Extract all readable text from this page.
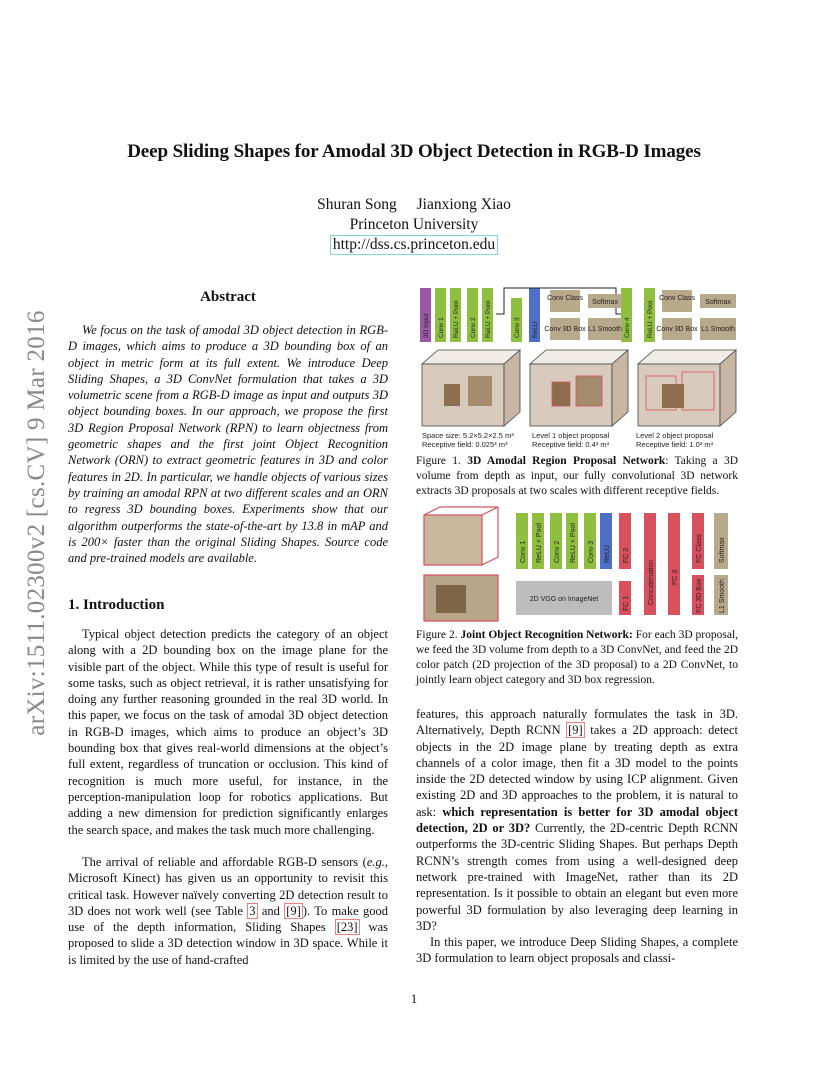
Deep Sliding Shapes for Amodal 3D Object Detection in RGB-D Images
Shuran Song Jianxiong Xiao
Princeton University
http://dss.cs.princeton.edu
arXiv:1511.02300v2 [cs.CV] 9 Mar 2016
Abstract

We focus on the task of amodal 3D object detection in RGB-D images, which aims to produce a 3D bounding box of an object in metric form at its full extent. We introduce Deep Sliding Shapes, a 3D ConvNet formulation that takes a 3D volumetric scene from a RGB-D image as input and outputs 3D object bounding boxes. In our approach, we propose the first 3D Region Proposal Network (RPN) to learn objectness from geometric shapes and the first joint Object Recognition Network (ORN) to extract geometric features in 3D and color features in 2D. In particular, we handle objects of various sizes by training an amodal RPN at two different scales and an ORN to regress 3D bounding boxes. Experiments show that our algorithm outperforms the state-of-the-art by 13.8 in mAP and is 200× faster than the original Sliding Shapes. Source code and pre-trained models are available.

1. Introduction

Typical object detection predicts the category of an object along with a 2D bounding box on the image plane for the visible part of the object. While this type of result is useful for some tasks, such as object retrieval, it is rather unsatisfying for doing any further reasoning grounded in the real 3D world. In this paper, we focus on the task of amodal 3D object detection in RGB-D images, which aims to produce an object’s 3D bounding box that gives real-world dimensions at the object’s full extent, regardless of truncation or occlusion. This kind of recognition is much more useful, for instance, in the perception-manipulation loop for robotics applications. But adding a new dimension for prediction significantly enlarges the search space, and makes the task much more challenging.

The arrival of reliable and affordable RGB-D sensors (e.g., Microsoft Kinect) has given us an opportunity to revisit this critical task. However naïvely converting 2D detection result to 3D does not work well (see Table 3 and [9] ). To make good use of the depth information, Sliding Shapes [23] was proposed to slide a 3D detection window in 3D space. While it is limited by the use of hand-crafted

features, this approach naturally formulates the task in 3D. Alternatively, Depth RCNN [9] takes a 2D approach: detect objects in the 2D image plane by treating depth as extra channels of a color image, then fit a 3D model to the points inside the 2D detected window by using ICP alignment. Given existing 2D and 3D approaches to the problem, it is natural to ask: which representation is better for 3D amodal object detection, 2D or 3D? Currently, the 2D-centric Depth RCNN outperforms the 3D-centric Sliding Shapes. But perhaps Depth RCNN’s strength comes from using a well-designed deep network pre-trained with ImageNet, rather than its 2D representation. Is it possible to obtain an elegant but even more powerful 3D formulation by also leveraging deep learning in 3D?

In this paper, we introduce Deep Sliding Shapes, a complete 3D formulation to learn object proposals and classi-

3D Input Conv 1 ReLU + Pool Conv 2 ReLU + Pool	Conv 3 ReLU	Conv 4 ReLU + Pool
Conv Class
Conv 3D Box
Softmax
L1 Smooth
Conv Class
Conv 3D Box
Softmax
L1 Smooth
Space size: 5.2×5.2×2.5 m³
Receptive field: 0.025³ m³
Level 1 object proposal
Receptive field: 0.4³ m³
Level 2 object proposal
Receptive field: 1.0³ m³

Figure 1. 3D Amodal Region Proposal Network: Taking a 3D volume from depth as input, our fully convolutional 3D network extracts 3D proposals at two scales with different receptive fields.

Conv 1 ReLU + Pool Conv 2 ReLU + Pool Conv 3 ReLU FC 2
FC 1	Concatenation FC 3
FC Class
FC 3D Box
Softmax
L1 Smooth
2D VGG on ImageNet

Figure 2. Joint Object Recognition Network: For each 3D proposal, we feed the 3D volume from depth to a 3D ConvNet, and feed the 2D color patch (2D projection of the 3D proposal) to a 2D ConvNet, to jointly learn object category and 3D box regression.

1
